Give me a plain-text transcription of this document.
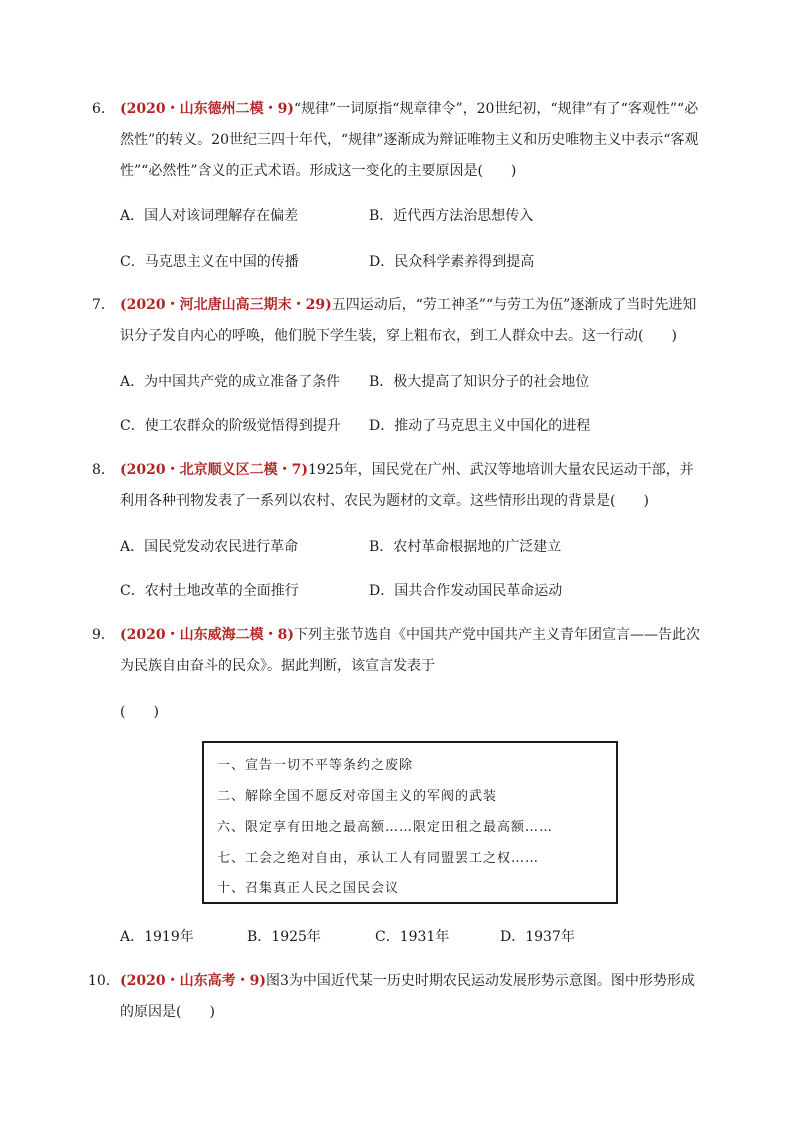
6． (2020・山东德州二模・9)“规律”一词原指“规章律令”，20世纪初，“规律”有了“客观性”“必然性”的转义。20世纪三四十年代，“规律”逐渐成为辩证唯物主义和历史唯物主义中表示“客观性”“必然性”含义的正式术语。形成这一变化的主要原因是(　　)
A．国人对该词理解存在偏差	B．近代西方法治思想传入
C．马克思主义在中国的传播	D．民众科学素养得到提高
7． (2020・河北唐山高三期末・29)五四运动后，“劳工神圣”“与劳工为伍”逐渐成了当时先进知识分子发自内心的呼唤，他们脱下学生装，穿上粗布衣，到工人群众中去。这一行动(　　)
A．为中国共产党的成立准备了条件 B．极大提高了知识分子的社会地位
C．使工农群众的阶级觉悟得到提升 D．推动了马克思主义中国化的进程
8． (2020・北京顺义区二模・7)1925年，国民党在广州、武汉等地培训大量农民运动干部，并利用各种刊物发表了一系列以农村、农民为题材的文章。这些情形出现的背景是(　　)
A．国民党发动农民进行革命	B．农村革命根据地的广泛建立
C．农村土地改革的全面推行	D．国共合作发动国民革命运动
9． (2020・山东威海二模・8)下列主张节选自《中国共产党中国共产主义青年团宣言——告此次为民族自由奋斗的民众》。据此判断，该宣言发表于
(　　)
一、宣告一切不平等条约之废除
二、解除全国不愿反对帝国主义的军阀的武装
六、限定享有田地之最高额……限定田租之最高额……
七、工会之绝对自由，承认工人有同盟罢工之权……
十、召集真正人民之国民会议
A．1919年	B．1925年	C．1931年	D．1937年
10． (2020・山东高考・9)图3为中国近代某一历史时期农民运动发展形势示意图。图中形势形成的原因是(　　)
